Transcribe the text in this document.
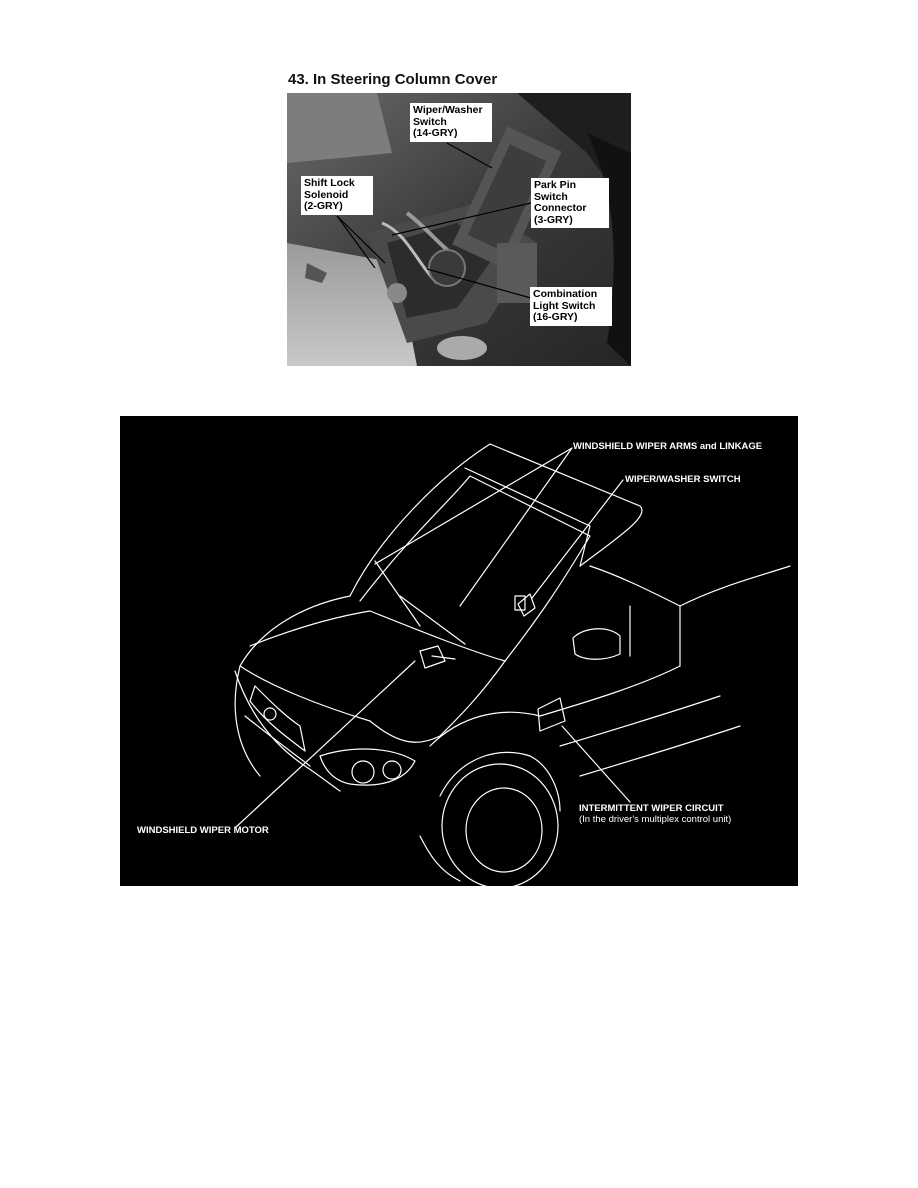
43. In Steering Column Cover
Wiper/Washer
Switch
(14-GRY)
Shift Lock
Solenoid
(2-GRY)
Park Pin
Switch
Connector
(3-GRY)
Combination
Light Switch
(16-GRY)
WINDSHIELD WIPER ARMS and LINKAGE
WIPER/WASHER SWITCH
WINDSHIELD WIPER MOTOR
INTERMITTENT WIPER CIRCUIT
(In the driver's multiplex control unit)
